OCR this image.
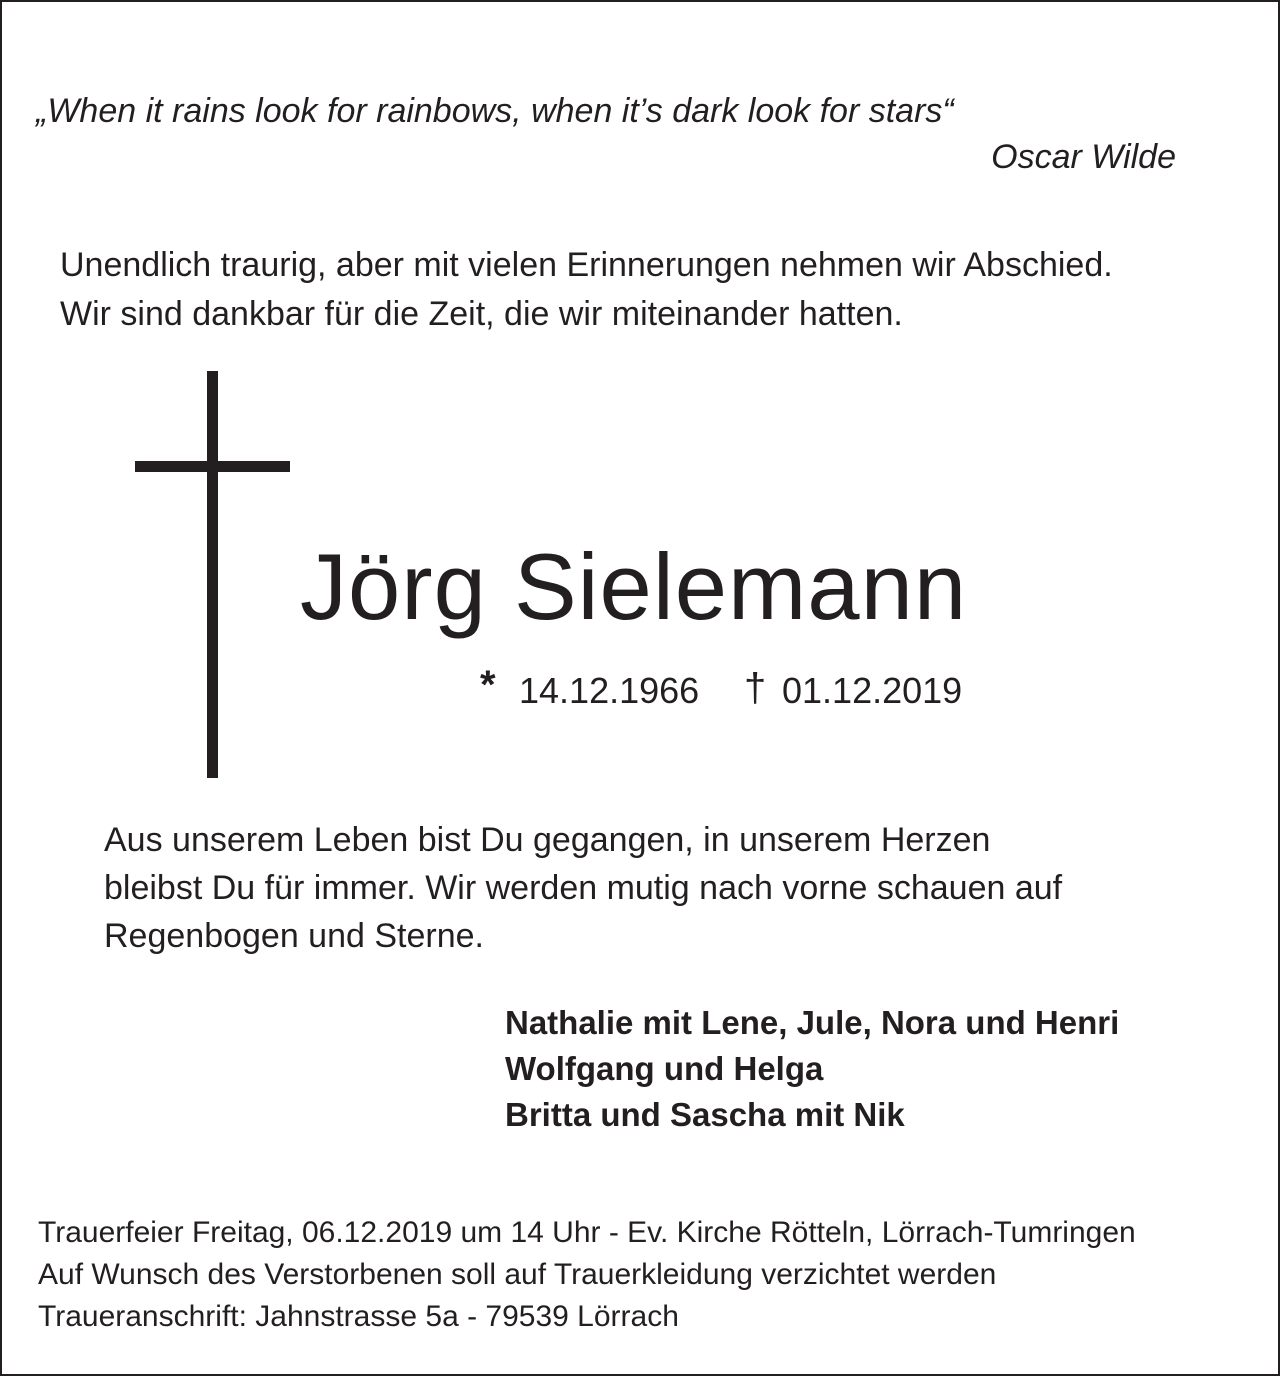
„When it rains look for rainbows, when it’s dark look for stars“
Oscar Wilde
Unendlich traurig, aber mit vielen Erinnerungen nehmen wir Abschied.
Wir sind dankbar für die Zeit, die wir miteinander hatten.
Jörg Sielemann
* 14.12.1966 † 01.12.2019
Aus unserem Leben bist Du gegangen, in unserem Herzen
bleibst Du für immer. Wir werden mutig nach vorne schauen auf
Regenbogen und Sterne.
Nathalie mit Lene, Jule, Nora und Henri
Wolfgang und Helga
Britta und Sascha mit Nik
Trauerfeier Freitag, 06.12.2019 um 14 Uhr - Ev. Kirche Rötteln, Lörrach-Tumringen
Auf Wunsch des Verstorbenen soll auf Trauerkleidung verzichtet werden
Traueranschrift: Jahnstrasse 5a - 79539 Lörrach
